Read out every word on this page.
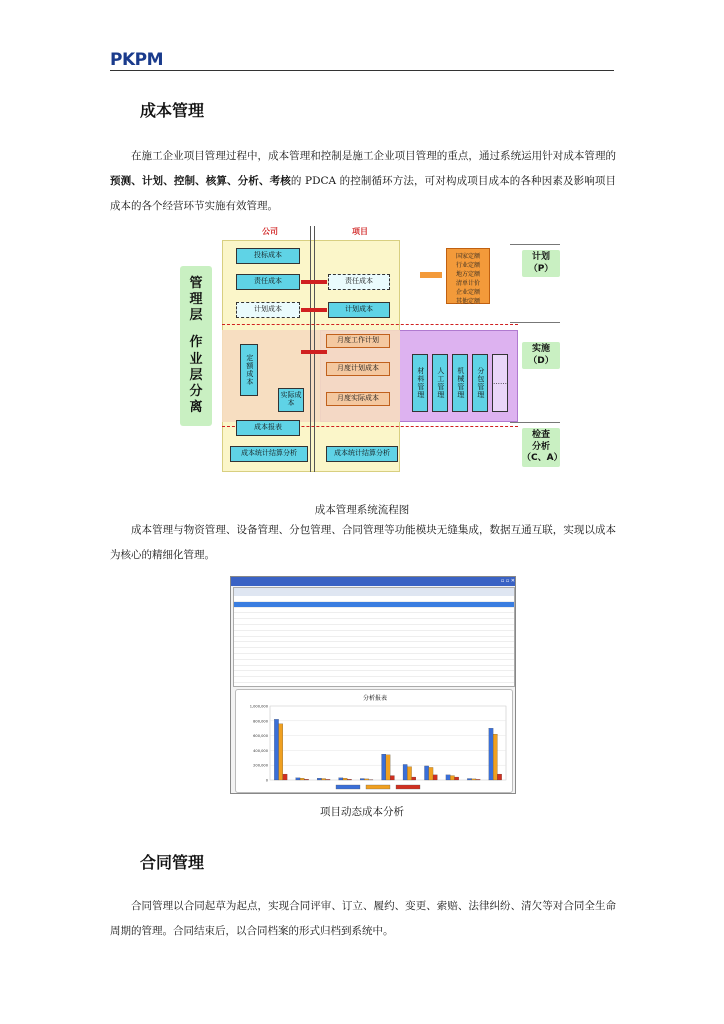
PKPM
成本管理
在施工企业项目管理过程中，成本管理和控制是施工企业项目管理的重点，通过系统运用针对成本管理的预测、计划、控制、核算、分析、考核的 PDCA 的控制循环方法，可对构成项目成本的各种因素及影响项目成本的各个经营环节实施有效管理。
公司	项目
管
理
层
作
业
层
分
离
投标成本
责任成本
计划成本
责任成本
计划成本
国家定额
行业定额
地方定额
清单计价
企业定额
其他定额
月度工作计划
月度计划成本
月度实际成本
定额成本
实际成本
材料管理	人工管理	机械管理	分包管理	……
成本报表
成本统计结算分析	成本统计结算分析
计划
（P）
实施
（D）
检查
分析
（C、A）
成本管理系统流程图
成本管理与物资管理、设备管理、分包管理、合同管理等功能模块无缝集成，数据互通互联，实现以成本为核心的精细化管理。
▫ ▫ ✕
分析报表
1,000,000
800,000
600,000
400,000
200,000
0
项目动态成本分析
合同管理
合同管理以合同起草为起点，实现合同评审、订立、履约、变更、索赔、法律纠纷、清欠等对合同全生命周期的管理。合同结束后，以合同档案的形式归档到系统中。
